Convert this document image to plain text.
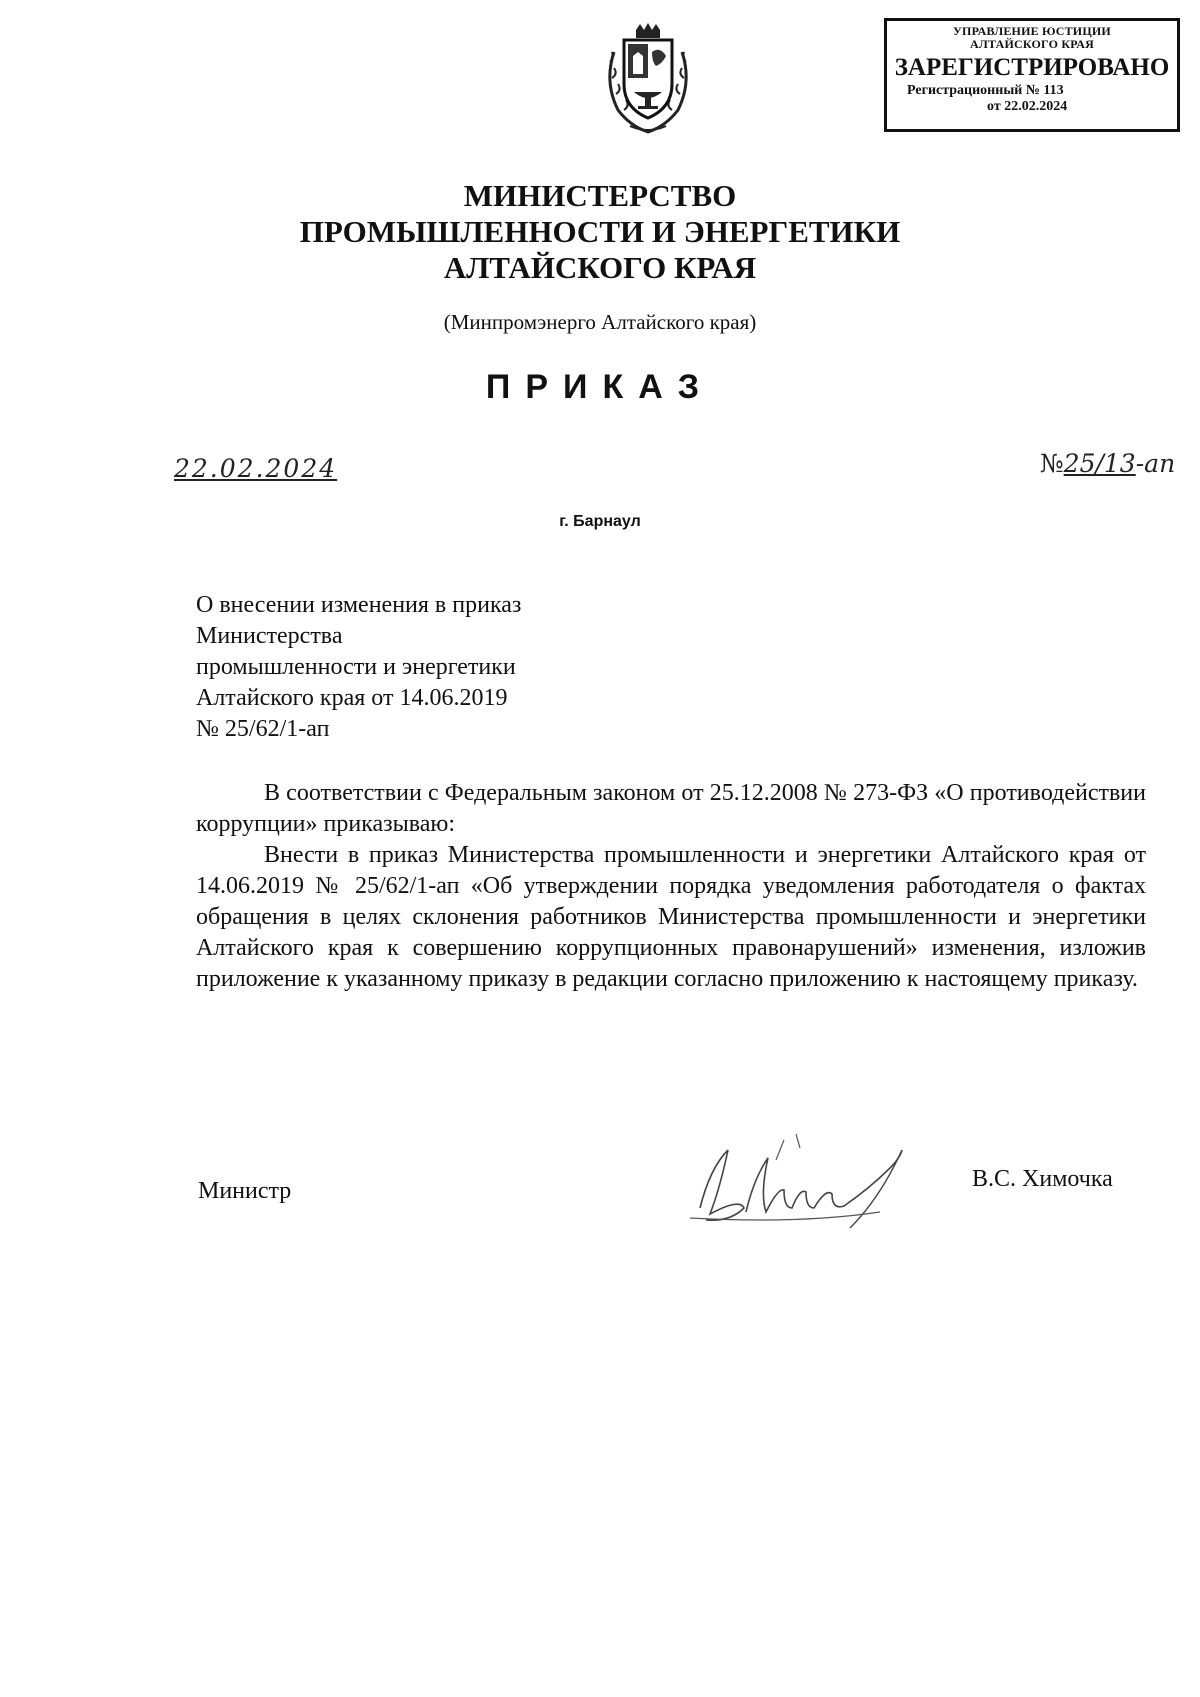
УПРАВЛЕНИЕ ЮСТИЦИИ
АЛТАЙСКОГО КРАЯ
ЗАРЕГИСТРИРОВАНО
Регистрационный № 113
от 22.02.2024
МИНИСТЕРСТВО
ПРОМЫШЛЕННОСТИ И ЭНЕРГЕТИКИ
АЛТАЙСКОГО КРАЯ
(Минпромэнерго Алтайского края)
ПРИКАЗ
22.02.2024	№25/13-ап
г. Барнаул
О внесении изменения в приказ
Министерства
промышленности и энергетики
Алтайского края от 14.06.2019
№ 25/62/1-ап

В соответствии с Федеральным законом от 25.12.2008 № 273-ФЗ «О противодействии коррупции» приказываю:

Внести в приказ Министерства промышленности и энергетики Алтайского края от 14.06.2019 № 25/62/1-ап «Об утверждении порядка уведомления работодателя о фактах обращения в целях склонения работников Министерства промышленности и энергетики Алтайского края к совершению коррупционных правонарушений» изменения, изложив приложение к указанному приказу в редакции согласно приложению к настоящему приказу.

Министр	В.С. Химочка
